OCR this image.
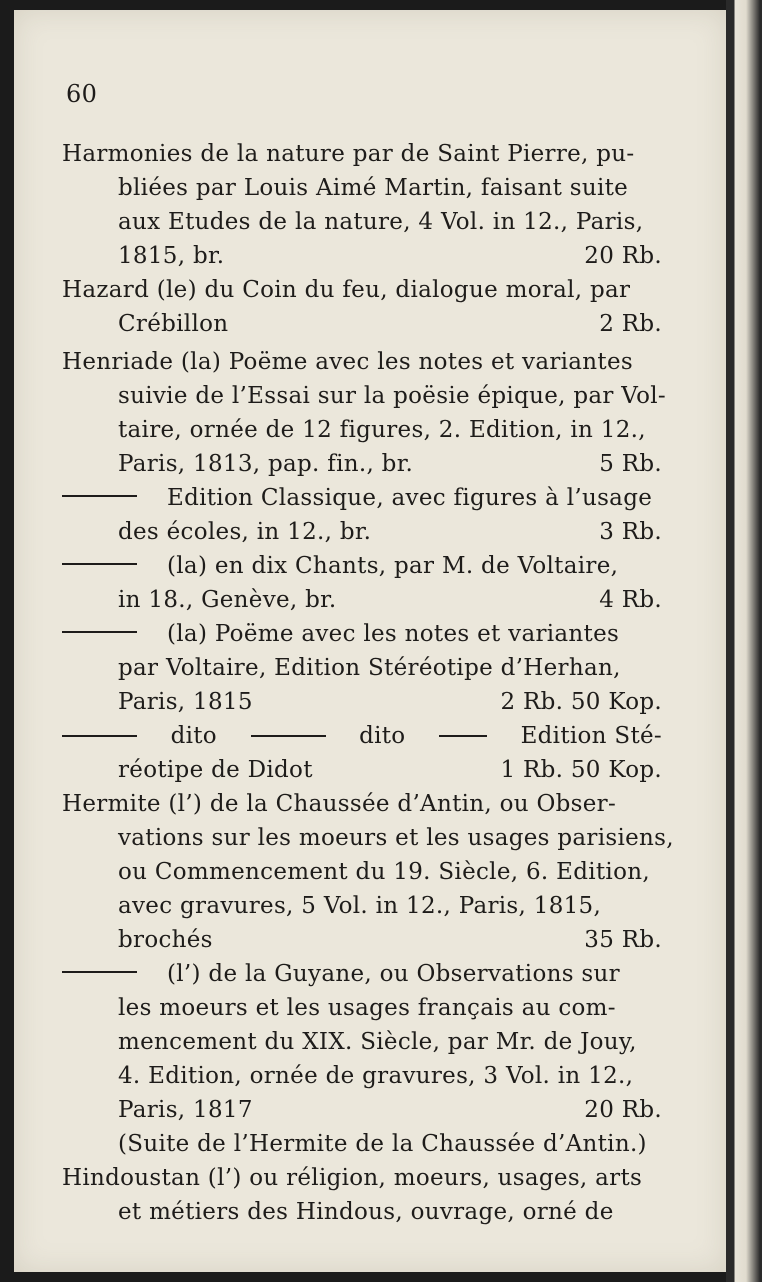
60
Harmonies de la nature par de Saint Pierre, pu-
bliées par Louis Aimé Martin, faisant suite
aux Etudes de la nature, 4 Vol. in 12., Paris,
1815, br.	20 Rb.
Hazard (le) du Coin du feu, dialogue moral, par
Crébillon	2 Rb.
Henriade (la) Poëme avec les notes et variantes
suivie de l’Essai sur la poësie épique, par Vol-
taire, ornée de 12 figures, 2. Edition, in 12.,
Paris, 1813, pap. fin., br.	5 Rb.
Edition Classique, avec figures à l’usage
des écoles, in 12., br.	3 Rb.
(la) en dix Chants, par M. de Voltaire,
in 18., Genève, br.	4 Rb.
(la) Poëme avec les notes et variantes
par Voltaire, Edition Stéréotipe d’Herhan,
Paris, 1815	2 Rb. 50 Kop.
dito	dito	Edition Sté-
réotipe de Didot	1 Rb. 50 Kop.
Hermite (l’) de la Chaussée d’Antin, ou Obser-
vations sur les moeurs et les usages parisiens,
ou Commencement du 19. Siècle, 6. Edition,
avec gravures, 5 Vol. in 12., Paris, 1815,
brochés	35 Rb.
(l’) de la Guyane, ou Observations sur
les moeurs et les usages français au com-
mencement du XIX. Siècle, par Mr. de Jouy,
4. Edition, ornée de gravures, 3 Vol. in 12.,
Paris, 1817	20 Rb.
(Suite de l’Hermite de la Chaussée d’Antin.)
Hindoustan (l’) ou réligion, moeurs, usages, arts
et métiers des Hindous, ouvrage, orné de
